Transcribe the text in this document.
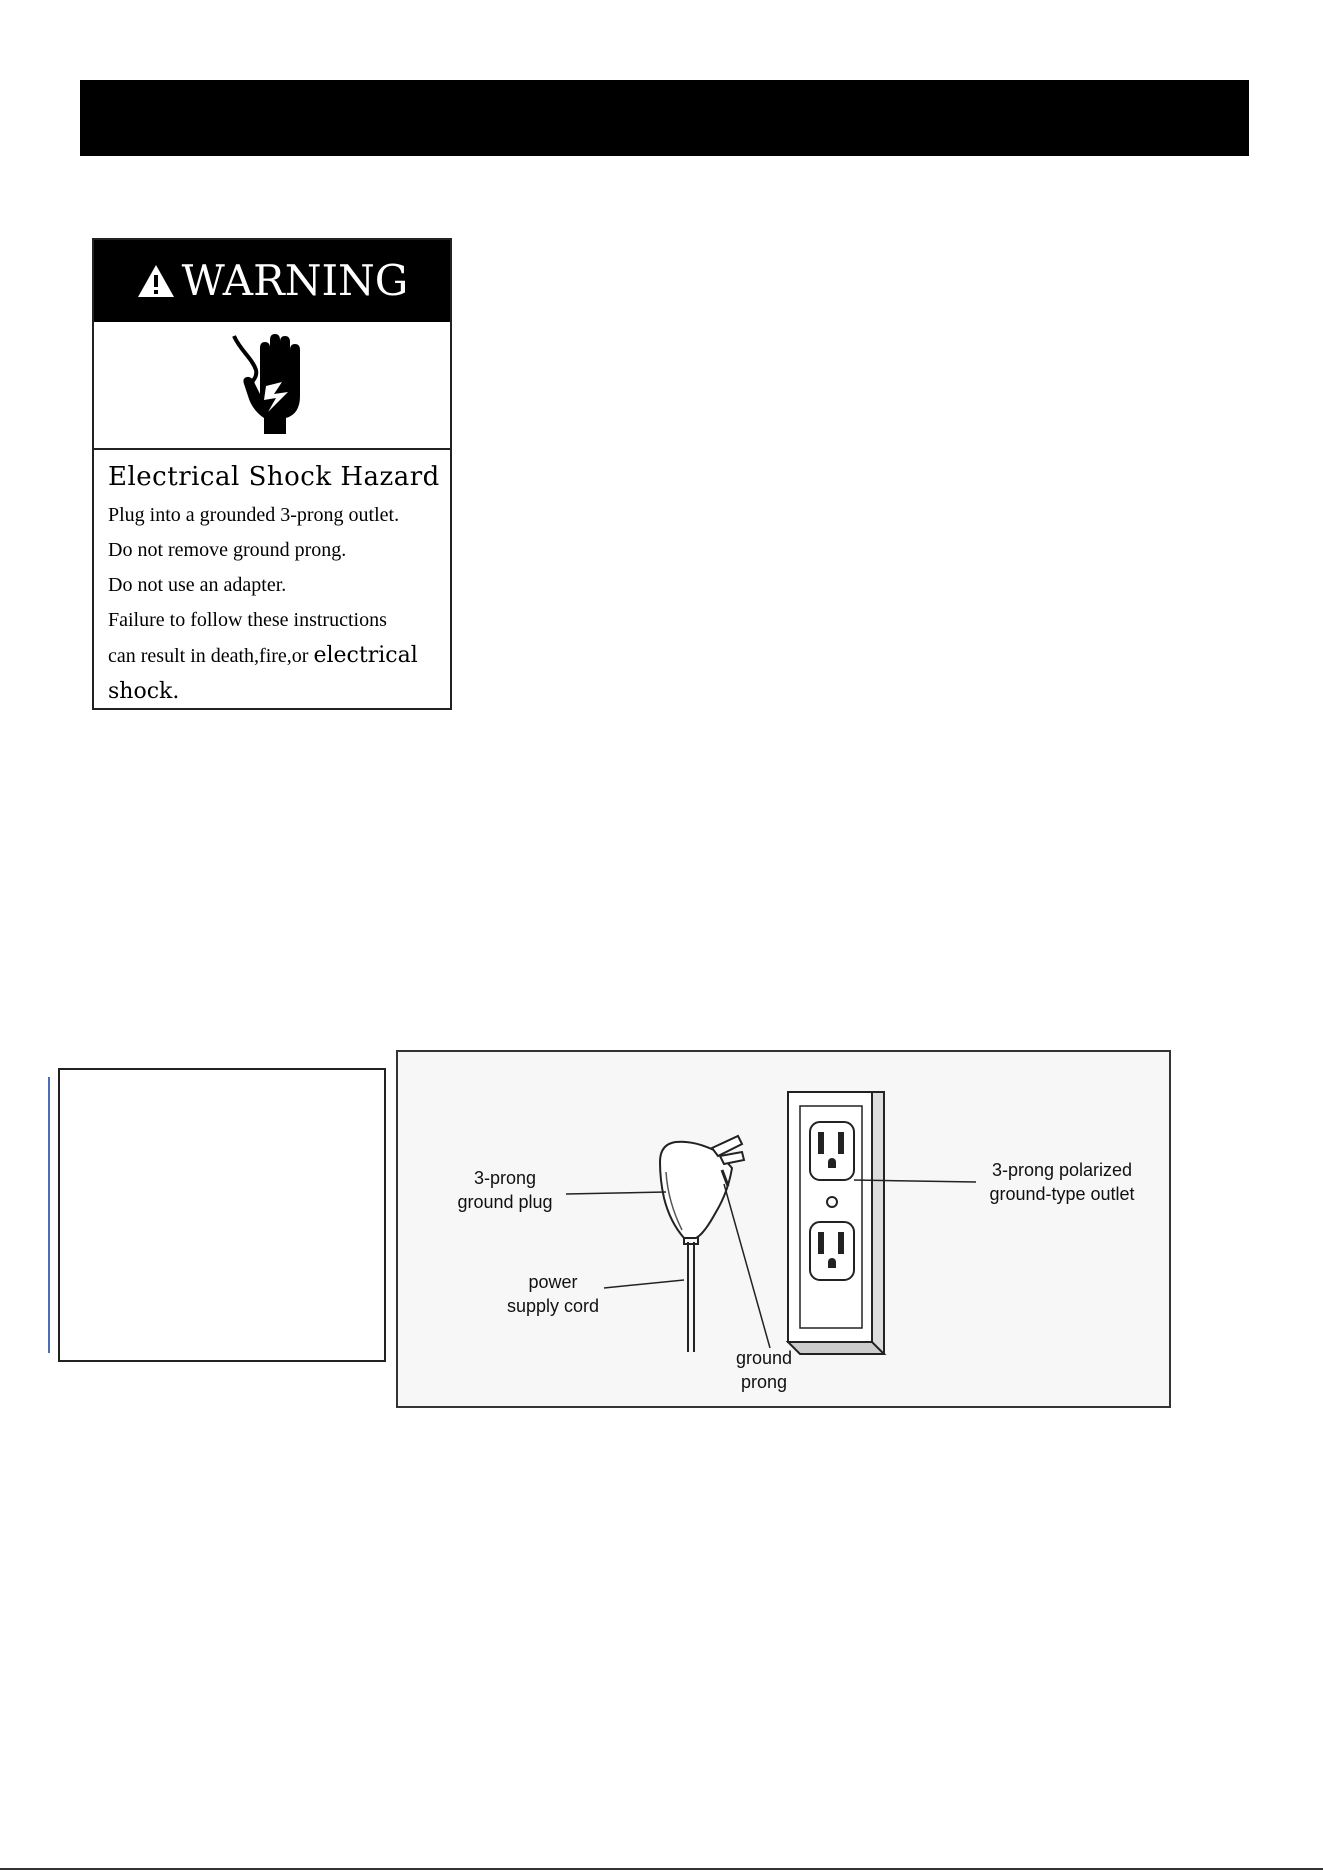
WARNING

Electrical Shock Hazard

Plug into a grounded 3-prong outlet.

Do not remove ground prong.

Do not use an adapter.

Failure to follow these instructions

can result in death,fire,or electrical

shock.

3-prong
ground plug
power
supply cord
ground
prong
3-prong polarized
ground-type outlet
